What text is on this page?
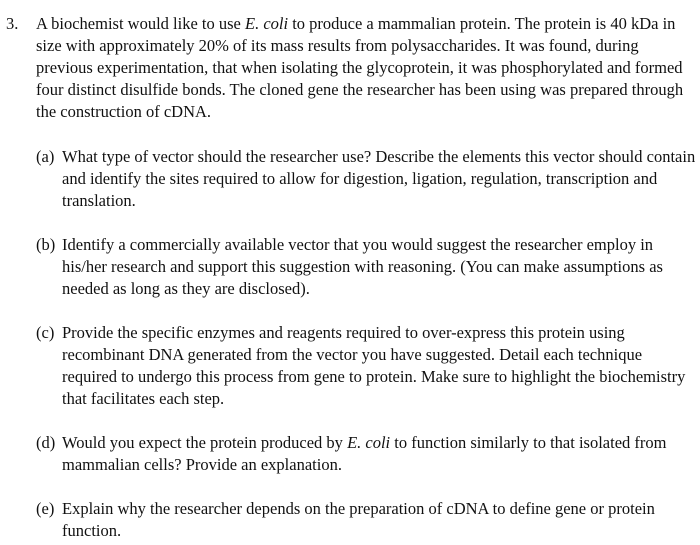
3. A biochemist would like to use E. coli to produce a mammalian protein. The protein is 40 kDa in size with approximately 20% of its mass results from polysaccharides. It was found, during previous experimentation, that when isolating the glycoprotein, it was phosphorylated and formed four distinct disulfide bonds. The cloned gene the researcher has been using was prepared through the construction of cDNA.
(a) What type of vector should the researcher use? Describe the elements this vector should contain and identify the sites required to allow for digestion, ligation, regulation, transcription and translation.
(b) Identify a commercially available vector that you would suggest the researcher employ in his/her research and support this suggestion with reasoning. (You can make assumptions as needed as long as they are disclosed).
(c) Provide the specific enzymes and reagents required to over-express this protein using recombinant DNA generated from the vector you have suggested. Detail each technique required to undergo this process from gene to protein. Make sure to highlight the biochemistry that facilitates each step.
(d) Would you expect the protein produced by E. coli to function similarly to that isolated from mammalian cells? Provide an explanation.
(e) Explain why the researcher depends on the preparation of cDNA to define gene or protein function.
